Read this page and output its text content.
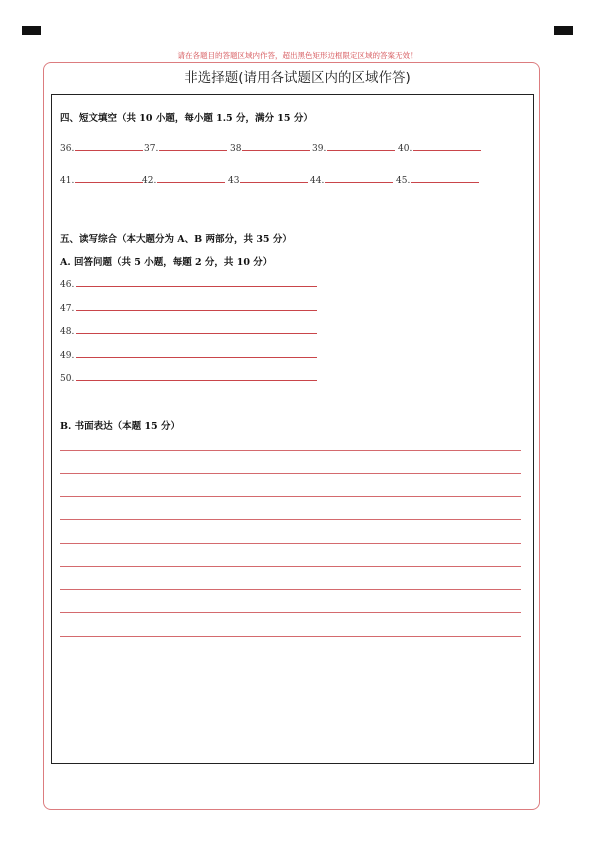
请在各题目的答题区域内作答，超出黑色矩形边框限定区域的答案无效！
非选择题(请用各试题区内的区域作答)
四、短文填空（共 10 小题，每小题 1.5 分，满分 15 分）
36.	37.	38	39.	40.
41.	42.	43	44.	45.
五、读写综合（本大题分为 A、B 两部分，共 35 分）
A. 回答问题（共 5 小题，每题 2 分，共 10 分）
46.
47.
48.
49.
50.
B. 书面表达（本题 15 分）
